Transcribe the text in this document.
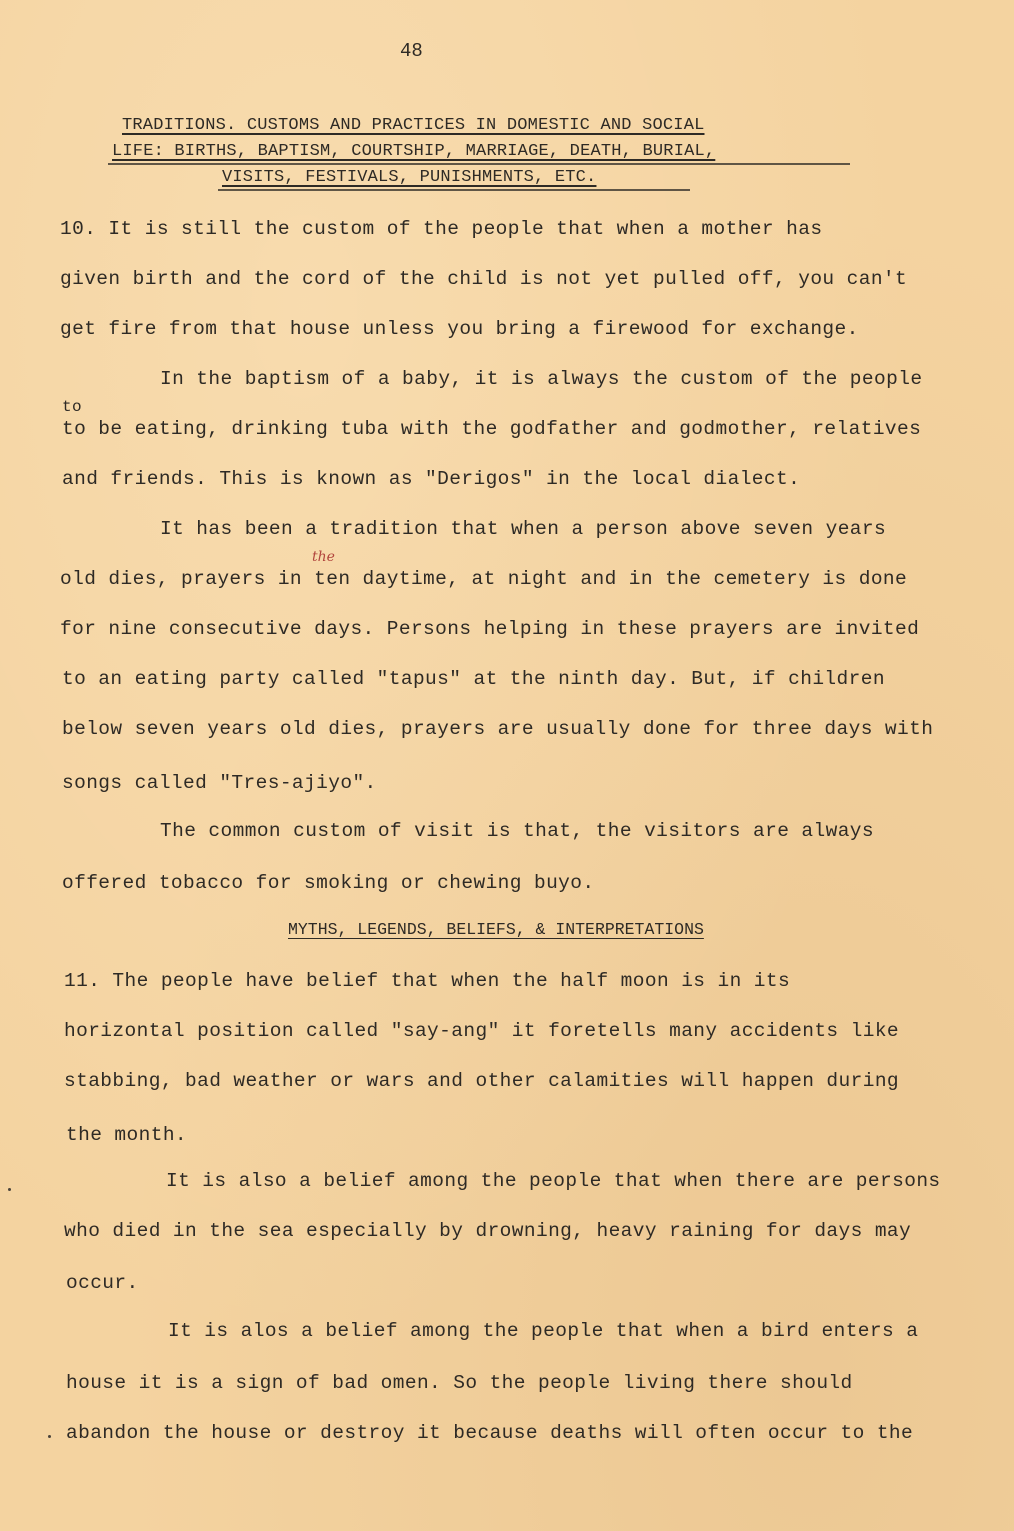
48
TRADITIONS. CUSTOMS AND PRACTICES IN DOMESTIC AND SOCIAL
LIFE: BIRTHS, BAPTISM, COURTSHIP, MARRIAGE, DEATH, BURIAL,
VISITS, FESTIVALS, PUNISHMENTS, ETC.
10. It is still the custom of the people that when a mother has
given birth and the cord of the child is not yet pulled off, you can't
get fire from that house unless you bring a firewood for exchange.
In the baptism of a baby, it is always the custom of the people
to
to be eating, drinking tuba with the godfather and godmother, relatives
and friends. This is known as "Derigos" in the local dialect.
It has been a tradition that when a person above seven years
old dies, prayers in ten daytime, at night and in the cemetery is done
the
for nine consecutive days. Persons helping in these prayers are invited
to an eating party called "tapus" at the ninth day. But, if children
below seven years old dies, prayers are usually done for three days with
songs called "Tres-ajiyo".
The common custom of visit is that, the visitors are always
offered tobacco for smoking or chewing buyo.
MYTHS, LEGENDS, BELIEFS, & INTERPRETATIONS
11. The people have belief that when the half moon is in its
horizontal position called "say-ang" it foretells many accidents like
stabbing, bad weather or wars and other calamities will happen during
the month.
It is also a belief among the people that when there are persons
who died in the sea especially by drowning, heavy raining for days may
occur.
It is alos a belief among the people that when a bird enters a
house it is a sign of bad omen. So the people living there should
abandon the house or destroy it because deaths will often occur to the
